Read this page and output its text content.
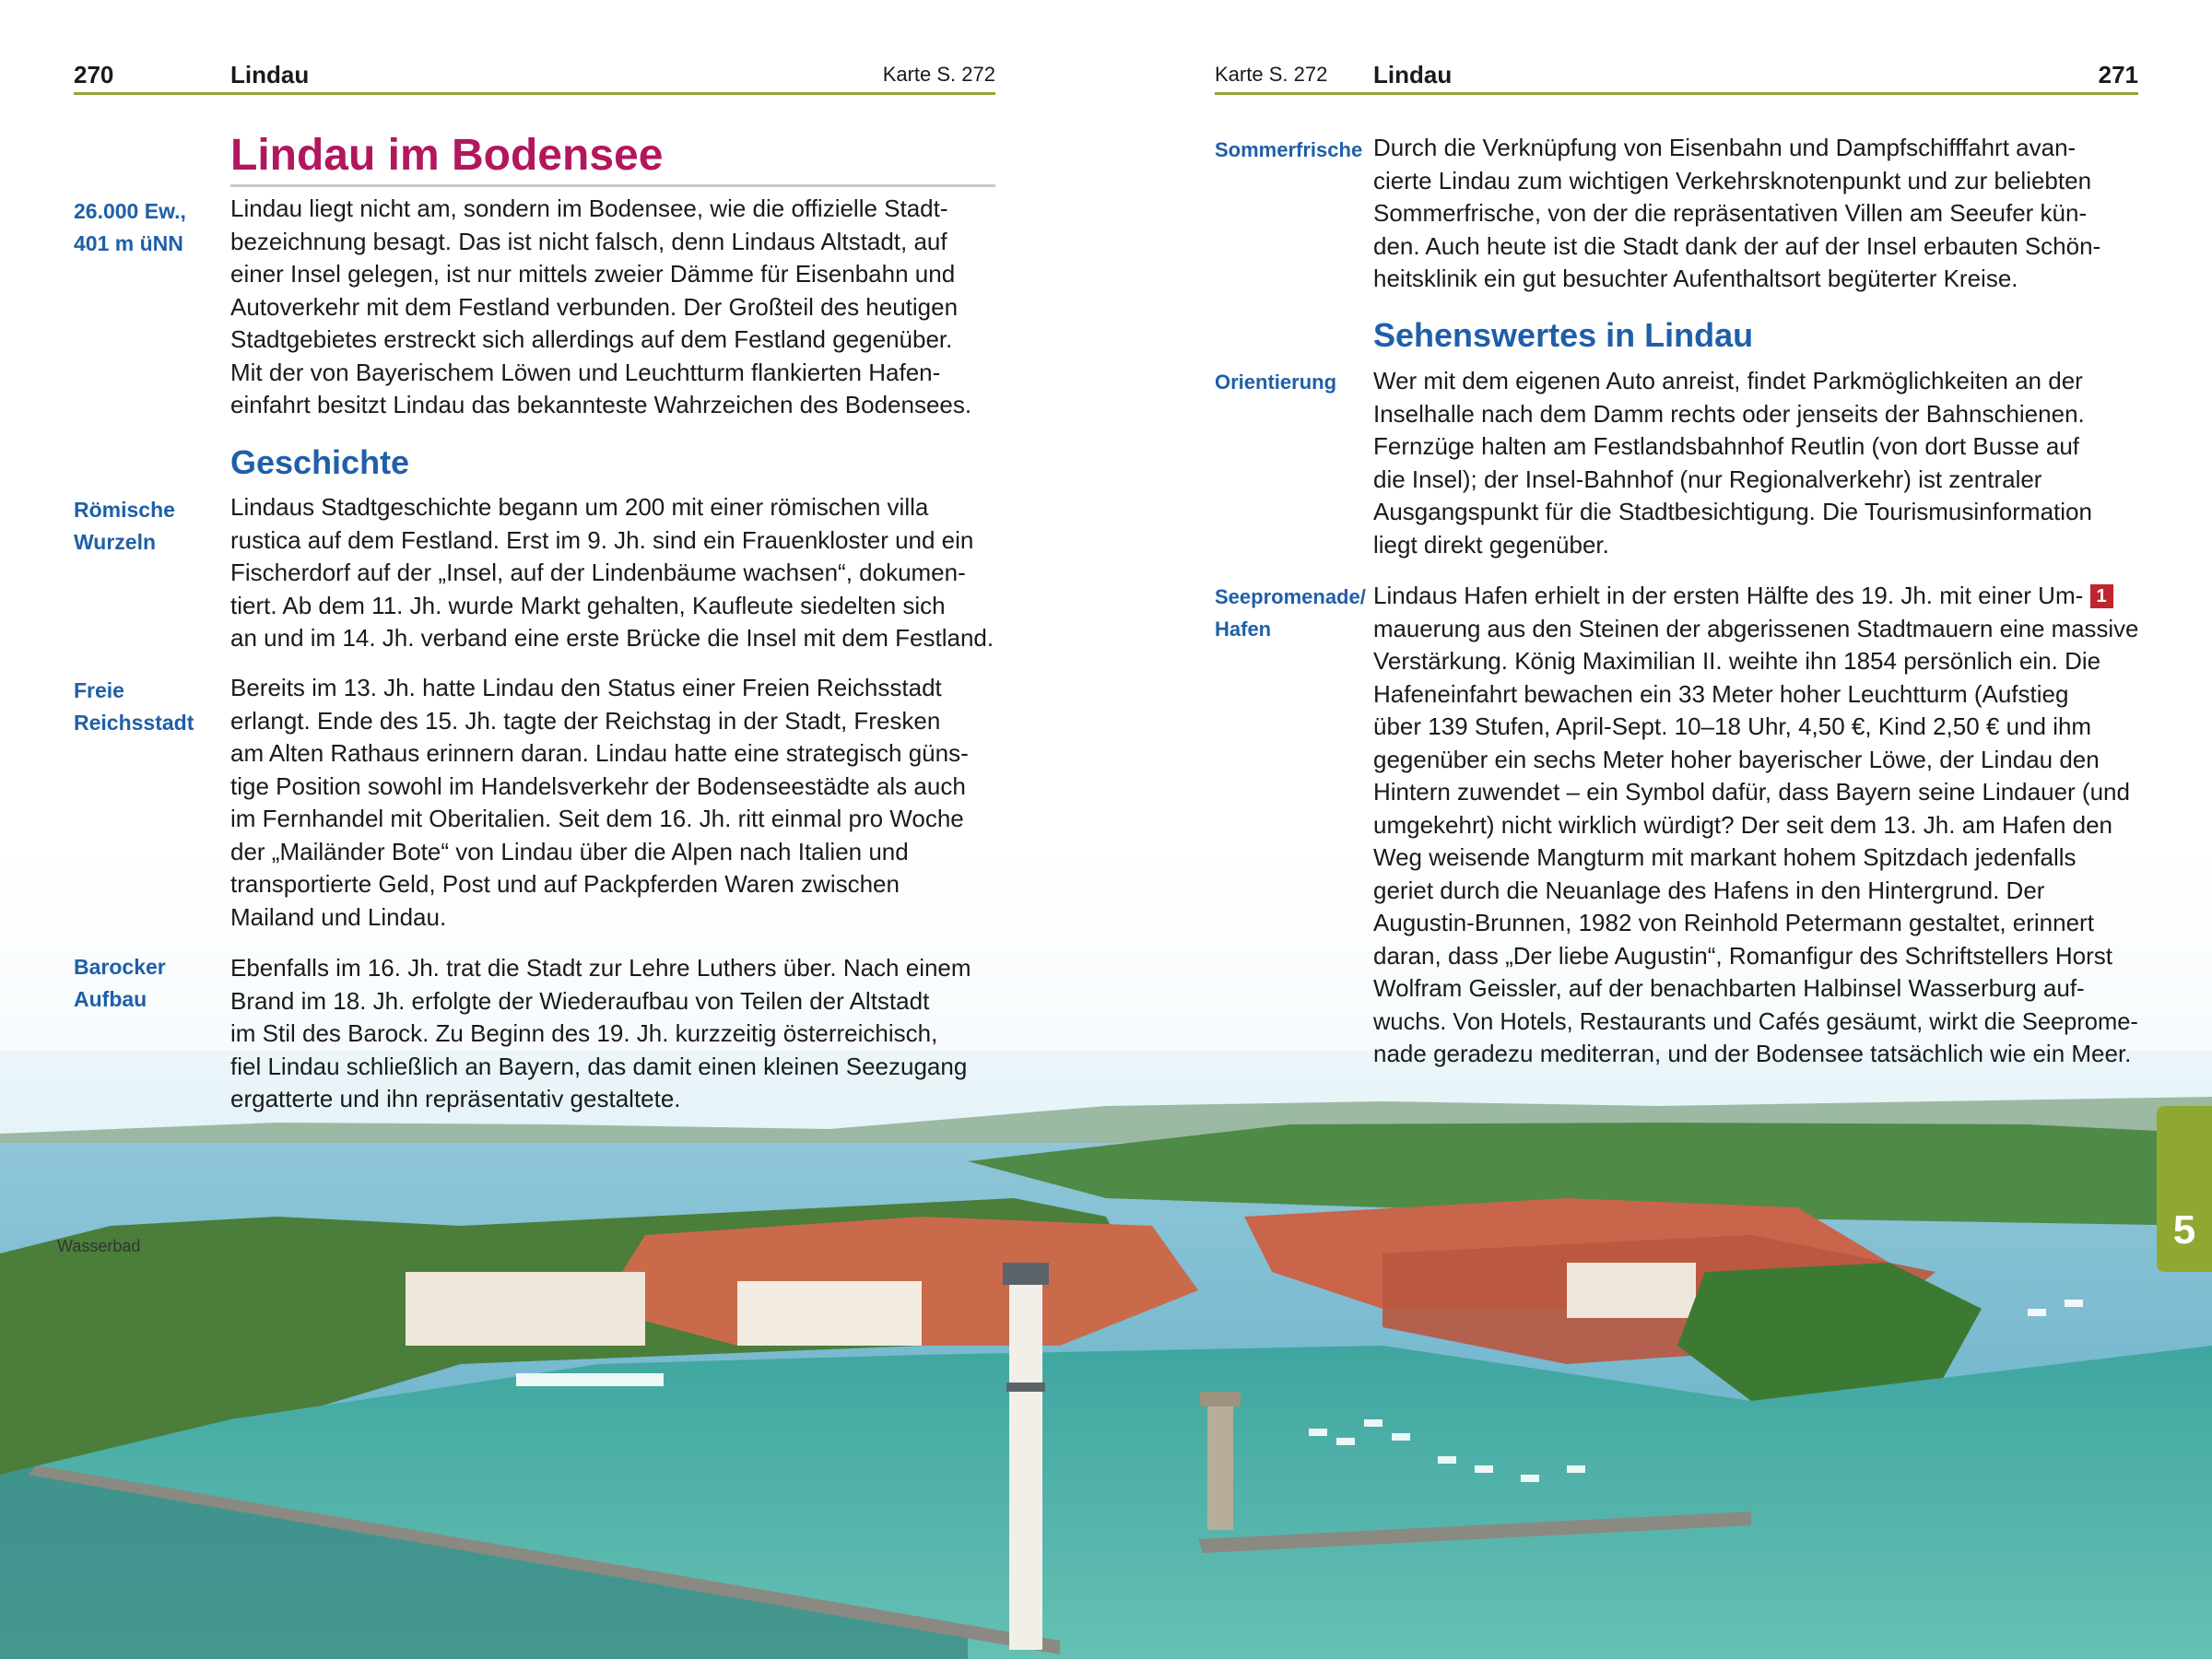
270	Lindau	Karte S. 272
Lindau im Bodensee
26.000 Ew.,
401 m üNN
Lindau liegt nicht am, sondern im Bodensee, wie die offizielle Stadt-
bezeichnung besagt. Das ist nicht falsch, denn Lindaus Altstadt, auf
einer Insel gelegen, ist nur mittels zweier Dämme für Eisenbahn und
Autoverkehr mit dem Festland verbunden. Der Großteil des heutigen
Stadtgebietes erstreckt sich allerdings auf dem Festland gegenüber.
Mit der von Bayerischem Löwen und Leuchtturm flankierten Hafen-
einfahrt besitzt Lindau das bekannteste Wahrzeichen des Bodensees.
Geschichte
Römische
Wurzeln
Lindaus Stadtgeschichte begann um 200 mit einer römischen villa
rustica auf dem Festland. Erst im 9. Jh. sind ein Frauenkloster und ein
Fischerdorf auf der „Insel, auf der Lindenbäume wachsen“, dokumen-
tiert. Ab dem 11. Jh. wurde Markt gehalten, Kaufleute siedelten sich
an und im 14. Jh. verband eine erste Brücke die Insel mit dem Festland.
Freie
Reichsstadt
Bereits im 13. Jh. hatte Lindau den Status einer Freien Reichsstadt
erlangt. Ende des 15. Jh. tagte der Reichstag in der Stadt, Fresken
am Alten Rathaus erinnern daran. Lindau hatte eine strategisch güns-
tige Position sowohl im Handelsverkehr der Bodenseestädte als auch
im Fernhandel mit Oberitalien. Seit dem 16. Jh. ritt einmal pro Woche
der „Mailänder Bote“ von Lindau über die Alpen nach Italien und
transportierte Geld, Post und auf Packpferden Waren zwischen
Mailand und Lindau.
Barocker
Aufbau
Ebenfalls im 16. Jh. trat die Stadt zur Lehre Luthers über. Nach einem
Brand im 18. Jh. erfolgte der Wiederaufbau von Teilen der Altstadt
im Stil des Barock. Zu Beginn des 19. Jh. kurzzeitig österreichisch,
fiel Lindau schließlich an Bayern, das damit einen kleinen Seezugang
ergatterte und ihn repräsentativ gestaltete.
Wasserbad
Karte S. 272 Lindau	271
Sommerfrische Durch die Verknüpfung von Eisenbahn und Dampfschifffahrt avan-
cierte Lindau zum wichtigen Verkehrsknotenpunkt und zur beliebten
Sommerfrische, von der die repräsentativen Villen am Seeufer kün-
den. Auch heute ist die Stadt dank der auf der Insel erbauten Schön-
heitsklinik ein gut besuchter Aufenthaltsort begüterter Kreise.
Sehenswertes in Lindau
Orientierung	Wer mit dem eigenen Auto anreist, findet Parkmöglichkeiten an der
Inselhalle nach dem Damm rechts oder jenseits der Bahnschienen.
Fernzüge halten am Festlandsbahnhof Reutlin (von dort Busse auf
die Insel); der Insel-Bahnhof (nur Regionalverkehr) ist zentraler
Ausgangspunkt für die Stadtbesichtigung. Die Tourismusinformation
liegt direkt gegenüber.
Seepromenade/
Hafen
Lindaus Hafen erhielt in der ersten Hälfte des 19. Jh. mit einer Um- 1
mauerung aus den Steinen der abgerissenen Stadtmauern eine massive
Verstärkung. König Maximilian II. weihte ihn 1854 persönlich ein. Die
Hafeneinfahrt bewachen ein 33 Meter hoher Leuchtturm (Aufstieg
über 139 Stufen, April-Sept. 10–18 Uhr, 4,50 €, Kind 2,50 € und ihm
gegenüber ein sechs Meter hoher bayerischer Löwe, der Lindau den
Hintern zuwendet – ein Symbol dafür, dass Bayern seine Lindauer (und
umgekehrt) nicht wirklich würdigt? Der seit dem 13. Jh. am Hafen den
Weg weisende Mangturm mit markant hohem Spitzdach jedenfalls
geriet durch die Neuanlage des Hafens in den Hintergrund. Der
Augustin-Brunnen, 1982 von Reinhold Petermann gestaltet, erinnert
daran, dass „Der liebe Augustin“, Romanfigur des Schriftstellers Horst
Wolfram Geissler, auf der benachbarten Halbinsel Wasserburg auf-
wuchs. Von Hotels, Restaurants und Cafés gesäumt, wirkt die Seeprome-
nade geradezu mediterran, und der Bodensee tatsächlich wie ein Meer.
5
